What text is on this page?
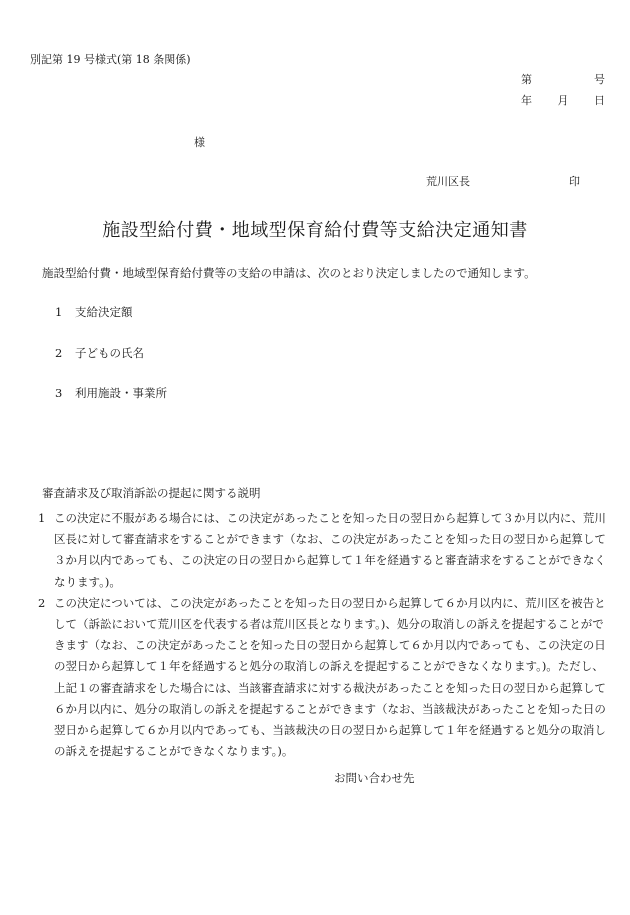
別記第 19 号様式(第 18 条関係)
第	号
年 月 日
様
荒川区長	印
施設型給付費・地域型保育給付費等支給決定通知書
施設型給付費・地域型保育給付費等の支給の申請は、次のとおり決定しましたので通知します。
1 支給決定額
2 子どもの氏名
3 利用施設・事業所
審査請求及び取消訴訟の提起に関する説明
1 この決定に不服がある場合には、この決定があったことを知った日の翌日から起算して３か月以内に、荒川区長に対して審査請求をすることができます（なお、この決定があったことを知った日の翌日から起算して３か月以内であっても、この決定の日の翌日から起算して１年を経過すると審査請求をすることができなくなります。)。
2 この決定については、この決定があったことを知った日の翌日から起算して６か月以内に、荒川区を被告として（訴訟において荒川区を代表する者は荒川区長となります。)、処分の取消しの訴えを提起することができます（なお、この決定があったことを知った日の翌日から起算して６か月以内であっても、この決定の日の翌日から起算して１年を経過すると処分の取消しの訴えを提起することができなくなります。)。ただし、上記１の審査請求をした場合には、当該審査請求に対する裁決があったことを知った日の翌日から起算して６か月以内に、処分の取消しの訴えを提起することができます（なお、当該裁決があったことを知った日の翌日から起算して６か月以内であっても、当該裁決の日の翌日から起算して１年を経過すると処分の取消しの訴えを提起することができなくなります。)。
お問い合わせ先
